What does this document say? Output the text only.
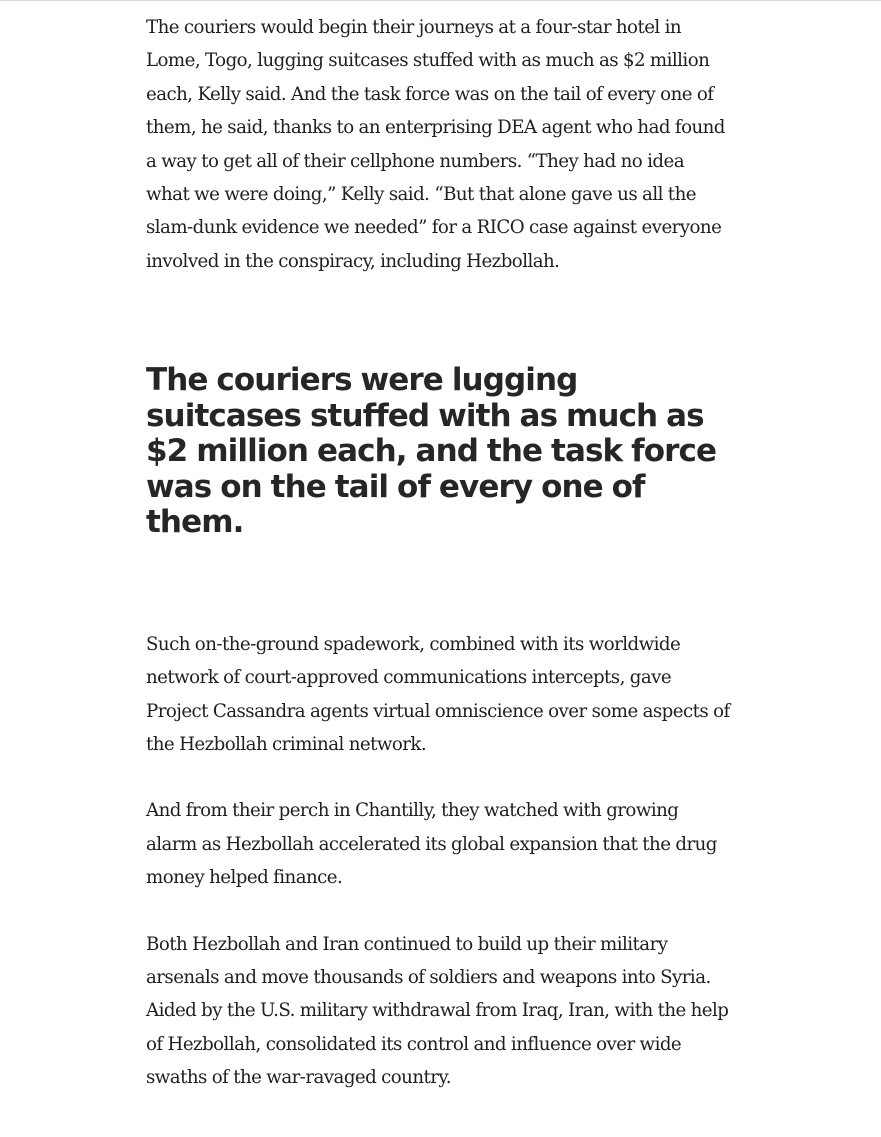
The couriers would begin their journeys at a four-star hotel in Lome, Togo, lugging suitcases stuffed with as much as $2 million each, Kelly said. And the task force was on the tail of every one of them, he said, thanks to an enterprising DEA agent who had found a way to get all of their cellphone numbers. “They had no idea what we were doing,” Kelly said. “But that alone gave us all the slam-dunk evidence we needed” for a RICO case against everyone involved in the conspiracy, including Hezbollah.

The couriers were lugging suitcases stuffed with as much as $2 million each, and the task force was on the tail of every one of them.

Such on-the-ground spadework, combined with its worldwide network of court-approved communications intercepts, gave Project Cassandra agents virtual omniscience over some aspects of the Hezbollah criminal network.

And from their perch in Chantilly, they watched with growing alarm as Hezbollah accelerated its global expansion that the drug money helped finance.

Both Hezbollah and Iran continued to build up their military arsenals and move thousands of soldiers and weapons into Syria. Aided by the U.S. military withdrawal from Iraq, Iran, with the help of Hezbollah, consolidated its control and influence over wide swaths of the war-ravaged country.
